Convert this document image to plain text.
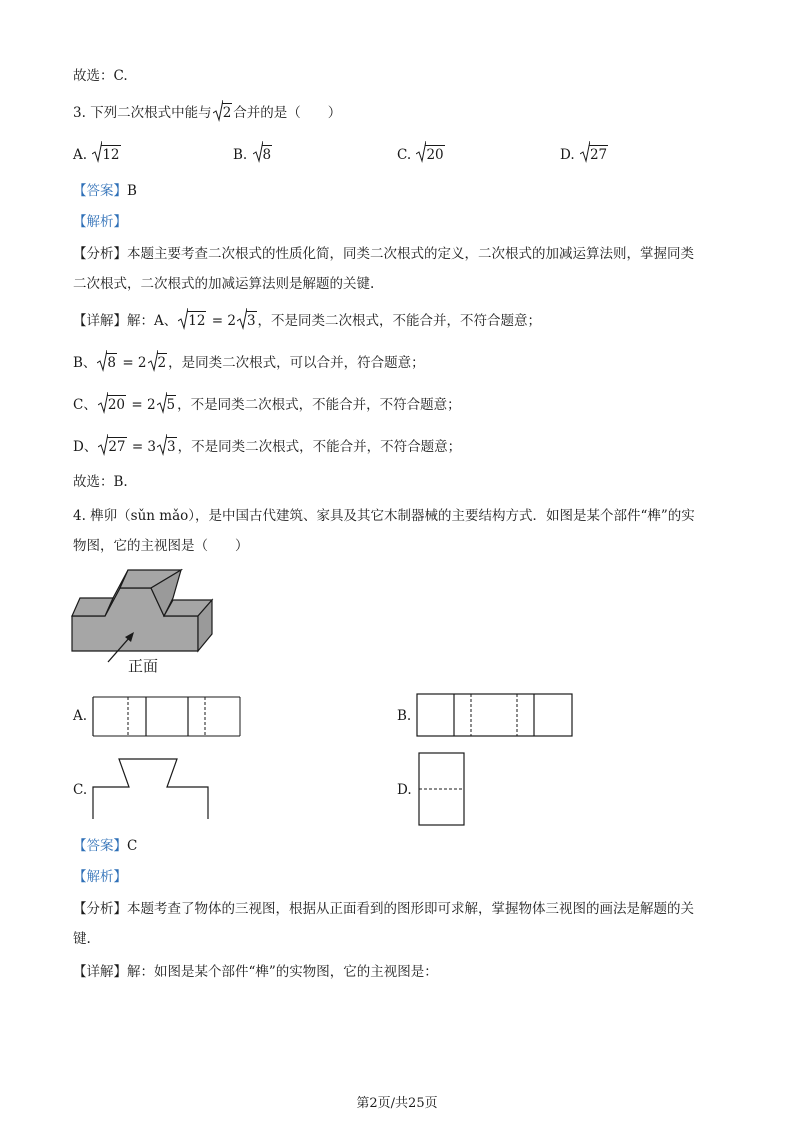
故选：C.
3. 下列二次根式中能与 2 合并的是（　　）
A. 12	B. 8	C. 20	D. 27
【答案】B
【解析】
【分析】本题主要考查二次根式的性质化简，同类二次根式的定义，二次根式的加减运算法则，掌握同类
二次根式，二次根式的加减运算法则是解题的关键.
【详解】解：A、 12 = 2 3 ，不是同类二次根式，不能合并，不符合题意；
B、 8 = 2 2 ，是同类二次根式，可以合并，符合题意；
C、 20 = 2 5 ，不是同类二次根式，不能合并，不符合题意；
D、 27 = 3 3 ，不是同类二次根式，不能合并，不符合题意；
故选：B.
4. 榫卯（sǔn mǎo），是中国古代建筑、家具及其它木制器械的主要结构方式．如图是某个部件“榫”的实
物图，它的主视图是（　　）
正面
A.	B.
C.	D.
【答案】C
【解析】
【分析】本题考查了物体的三视图，根据从正面看到的图形即可求解，掌握物体三视图的画法是解题的关
键.
【详解】解：如图是某个部件“榫”的实物图，它的主视图是：
第2页/共25页
